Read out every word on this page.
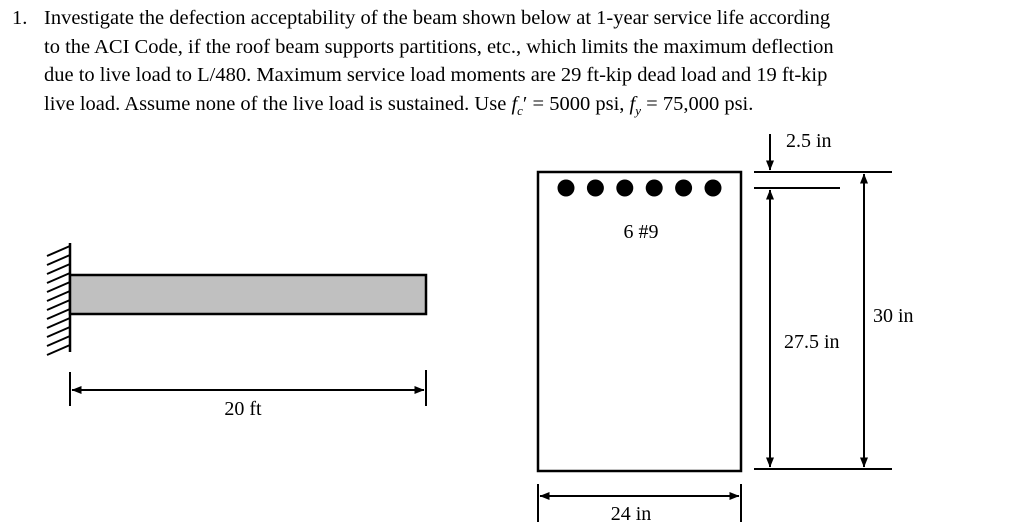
1. Investigate the defection acceptability of the beam shown below at 1-year service life according
to the ACI Code, if the roof beam supports partitions, etc., which limits the maximum deflection
due to live load to L/480. Maximum service load moments are 29 ft-kip dead load and 19 ft-kip
live load. Assume none of the live load is sustained. Use $f_c' = 5000$ psi, $f_y = 75,000$ psi.
20 ft
6 #9
2.5 in
27.5 in
30 in
24 in
